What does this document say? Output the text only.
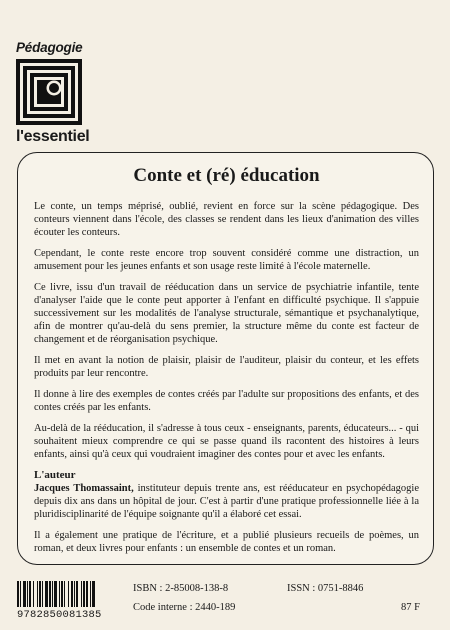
Pédagogie
l'essentiel
Conte et (ré) éducation

Le conte, un temps méprisé, oublié, revient en force sur la scène pédagogique. Des conteurs viennent dans l'école, des classes se rendent dans les lieux d'animation des villes écouter les conteurs.

Cependant, le conte reste encore trop souvent considéré comme une distraction, un amusement pour les jeunes enfants et son usage reste limité à l'école maternelle.

Ce livre, issu d'un travail de rééducation dans un service de psychiatrie infantile, tente d'analyser l'aide que le conte peut apporter à l'enfant en difficulté psychique. Il s'appuie successivement sur les modalités de l'analyse structurale, sémantique et psychanalytique, afin de montrer qu'au-delà du sens premier, la structure même du conte est facteur de changement et de réorganisation psychique.

Il met en avant la notion de plaisir, plaisir de l'auditeur, plaisir du conteur, et les effets produits par leur rencontre.

Il donne à lire des exemples de contes créés par l'adulte sur propositions des enfants, et des contes créés par les enfants.

Au-delà de la rééducation, il s'adresse à tous ceux - enseignants, parents, éducateurs... - qui souhaitent mieux comprendre ce qui se passe quand ils racontent des histoires à leurs enfants, ainsi qu'à ceux qui voudraient imaginer des contes pour et avec les enfants.

L'auteur

Jacques Thomassaint, instituteur depuis trente ans, est rééducateur en psychopédagogie depuis dix ans dans un hôpital de jour. C'est à partir d'une pratique professionnelle liée à la pluridisciplinarité de l'équipe soignante qu'il a élaboré cet essai.

Il a également une pratique de l'écriture, et a publié plusieurs recueils de poèmes, un roman, et deux livres pour enfants : un ensemble de contes et un roman.

9782850081385
ISBN : 2-85008-138-8	ISSN : 0751-8846
Code interne : 2440-189	87 F
